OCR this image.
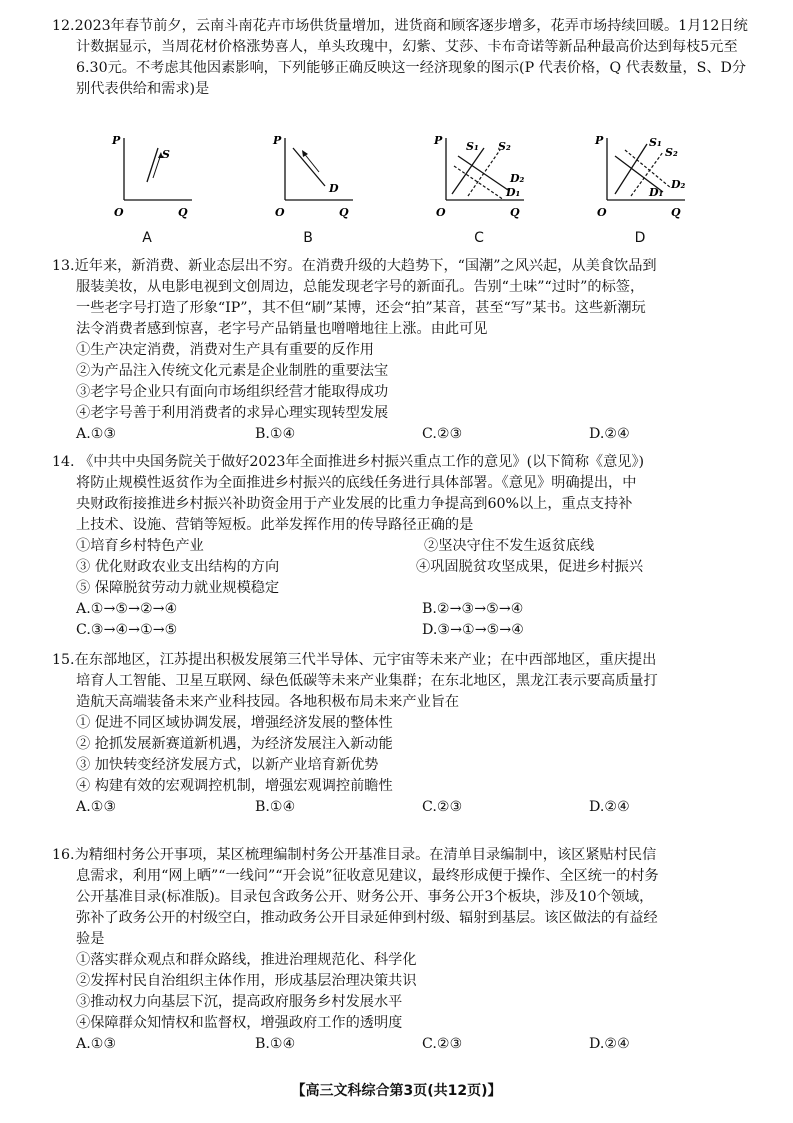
12.2023年春节前夕，云南斗南花卉市场供货量增加，进货商和顾客逐步增多，花弄市场持续回暖。1月12日统计数据显示，当周花材价格涨势喜人，单头玫瑰中，幻紫、艾莎、卡布奇诺等新品种最高价达到每枝5元至6.30元。不考虑其他因素影响，下列能够正确反映这一经济现象的图示(P 代表价格，Q 代表数量，S、D分别代表供给和需求)是

P
O	Q
S
A
P
O	Q
D
B
P
O	Q
S₁ S₂
D₂
D₁
C
P
O	Q
S₁
S₂
D₁
D₂
D

13.近年来，新消费、新业态层出不穷。在消费升级的大趋势下，“国潮”之风兴起，从美食饮品到

服装美妆，从电影电视到文创周边，总能发现老字号的新面孔。告别“土味”“过时”的标签，

一些老字号打造了形象“IP”，其不但“刷”某博，还会“拍”某音，甚至“写”某书。这些新潮玩

法令消费者感到惊喜，老字号产品销量也噌噌地往上涨。由此可见

①生产决定消费，消费对生产具有重要的反作用

②为产品注入传统文化元素是企业制胜的重要法宝

③老字号企业只有面向市场组织经营才能取得成功

④老字号善于利用消费者的求异心理实现转型发展

A.①③	B.①④	C.②③	D.②④

14. 《中共中央国务院关于做好2023年全面推进乡村振兴重点工作的意见》(以下简称《意见》)

将防止规模性返贫作为全面推进乡村振兴的底线任务进行具体部署。《意见》明确提出，中

央财政衔接推进乡村振兴补助资金用于产业发展的比重力争提高到60%以上，重点支持补

上技术、设施、营销等短板。此举发挥作用的传导路径正确的是

①培育乡村特色产业	②坚决守住不发生返贫底线
③ 优化财政农业支出结构的方向	④巩固脱贫攻坚成果，促进乡村振兴

⑤ 保障脱贫劳动力就业规模稳定

A.①→⑤→②→④	B.②→③→⑤→④
C.③→④→①→⑤	D.③→①→⑤→④

15.在东部地区，江苏提出积极发展第三代半导体、元宇宙等未来产业；在中西部地区，重庆提出

培育人工智能、卫星互联网、绿色低碳等未来产业集群；在东北地区，黑龙江表示要高质量打

造航天高端装备未来产业科技园。各地积极布局未来产业旨在

① 促进不同区域协调发展，增强经济发展的整体性

② 抢抓发展新赛道新机遇，为经济发展注入新动能

③ 加快转变经济发展方式，以新产业培育新优势

④ 构建有效的宏观调控机制，增强宏观调控前瞻性

A.①③	B.①④	C.②③	D.②④

16.为精细村务公开事项，某区梳理编制村务公开基准目录。在清单目录编制中，该区紧贴村民信

息需求，利用“网上晒”“一线问”“开会说”征收意见建议，最终形成便于操作、全区统一的村务

公开基准目录(标准版)。目录包含政务公开、财务公开、事务公开3个板块，涉及10个领域，

弥补了政务公开的村级空白，推动政务公开目录延伸到村级、辐射到基层。该区做法的有益经

验是

①落实群众观点和群众路线，推进治理规范化、科学化

②发挥村民自治组织主体作用，形成基层治理决策共识

③推动权力向基层下沉，提高政府服务乡村发展水平

④保障群众知情权和监督权，增强政府工作的透明度

A.①③	B.①④	C.②③	D.②④
【高三文科综合第3页(共12页)】
